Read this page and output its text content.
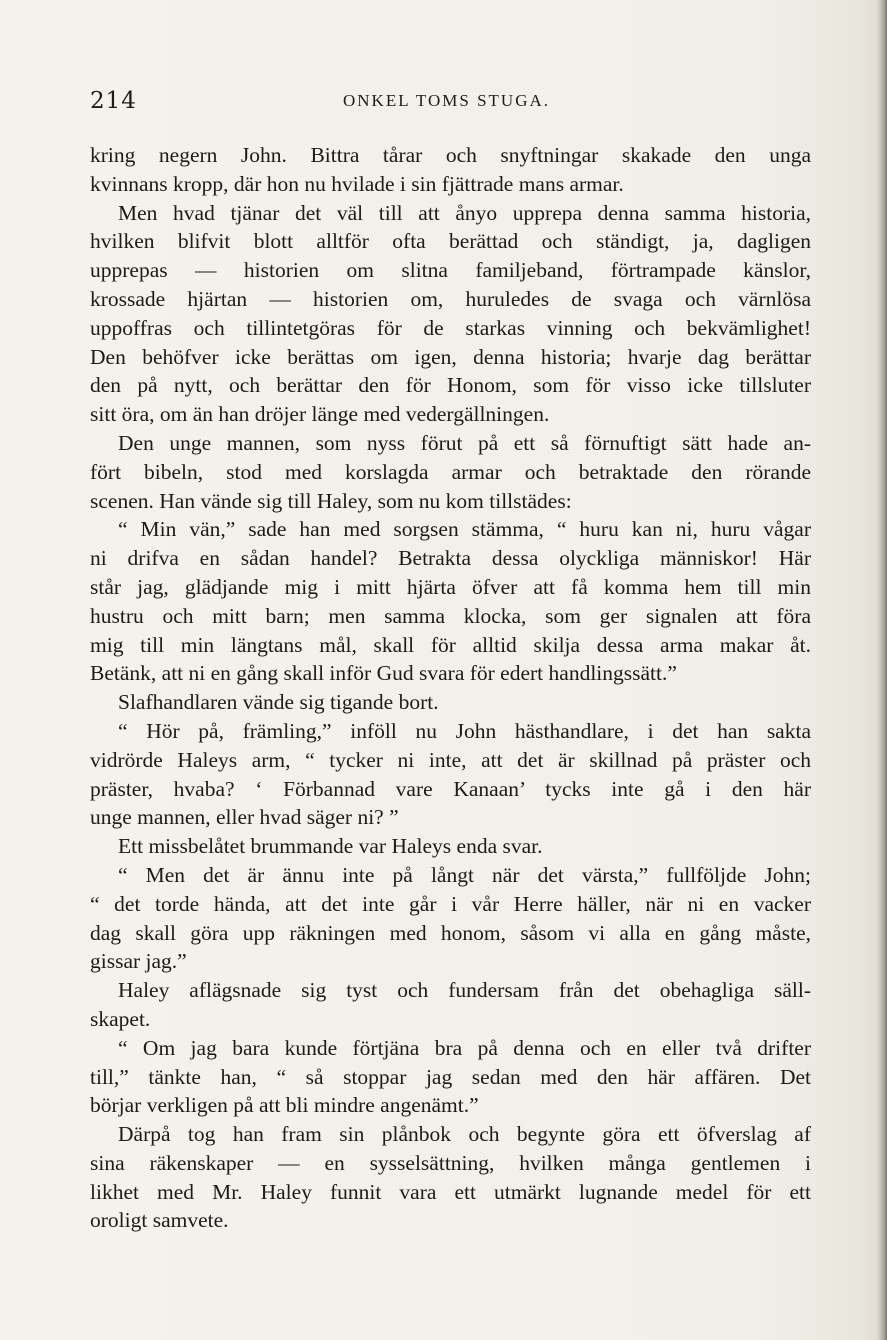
214	ONKEL TOMS STUGA.
kring negern John. Bittra tårar och snyftningar skakade den unga
kvinnans kropp, där hon nu hvilade i sin fjättrade mans armar.
Men hvad tjänar det väl till att ånyo upprepa denna samma historia,
hvilken blifvit blott alltför ofta berättad och ständigt, ja, dagligen
upprepas — historien om slitna familjeband, förtrampade känslor,
krossade hjärtan — historien om, huruledes de svaga och värnlösa
uppoffras och tillintetgöras för de starkas vinning och bekvämlighet!
Den behöfver icke berättas om igen, denna historia; hvarje dag berättar
den på nytt, och berättar den för Honom, som för visso icke tillsluter
sitt öra, om än han dröjer länge med vedergällningen.
Den unge mannen, som nyss förut på ett så förnuftigt sätt hade an-
fört bibeln, stod med korslagda armar och betraktade den rörande
scenen. Han vände sig till Haley, som nu kom tillstädes:
“ Min vän,” sade han med sorgsen stämma, “ huru kan ni, huru vågar
ni drifva en sådan handel? Betrakta dessa olyckliga människor! Här
står jag, glädjande mig i mitt hjärta öfver att få komma hem till min
hustru och mitt barn; men samma klocka, som ger signalen att föra
mig till min längtans mål, skall för alltid skilja dessa arma makar åt.
Betänk, att ni en gång skall inför Gud svara för edert handlingssätt.”
Slafhandlaren vände sig tigande bort.
“ Hör på, främling,” inföll nu John hästhandlare, i det han sakta
vidrörde Haleys arm, “ tycker ni inte, att det är skillnad på präster och
präster, hvaba? ‘ Förbannad vare Kanaan’ tycks inte gå i den här
unge mannen, eller hvad säger ni? ”
Ett missbelåtet brummande var Haleys enda svar.
“ Men det är ännu inte på långt när det värsta,” fullföljde John;
“ det torde hända, att det inte går i vår Herre häller, när ni en vacker
dag skall göra upp räkningen med honom, såsom vi alla en gång måste,
gissar jag.”
Haley aflägsnade sig tyst och fundersam från det obehagliga säll-
skapet.
“ Om jag bara kunde förtjäna bra på denna och en eller två drifter
till,” tänkte han, “ så stoppar jag sedan med den här affären. Det
börjar verkligen på att bli mindre angenämt.”
Därpå tog han fram sin plånbok och begynte göra ett öfverslag af
sina räkenskaper — en sysselsättning, hvilken många gentlemen i
likhet med Mr. Haley funnit vara ett utmärkt lugnande medel för ett
oroligt samvete.
